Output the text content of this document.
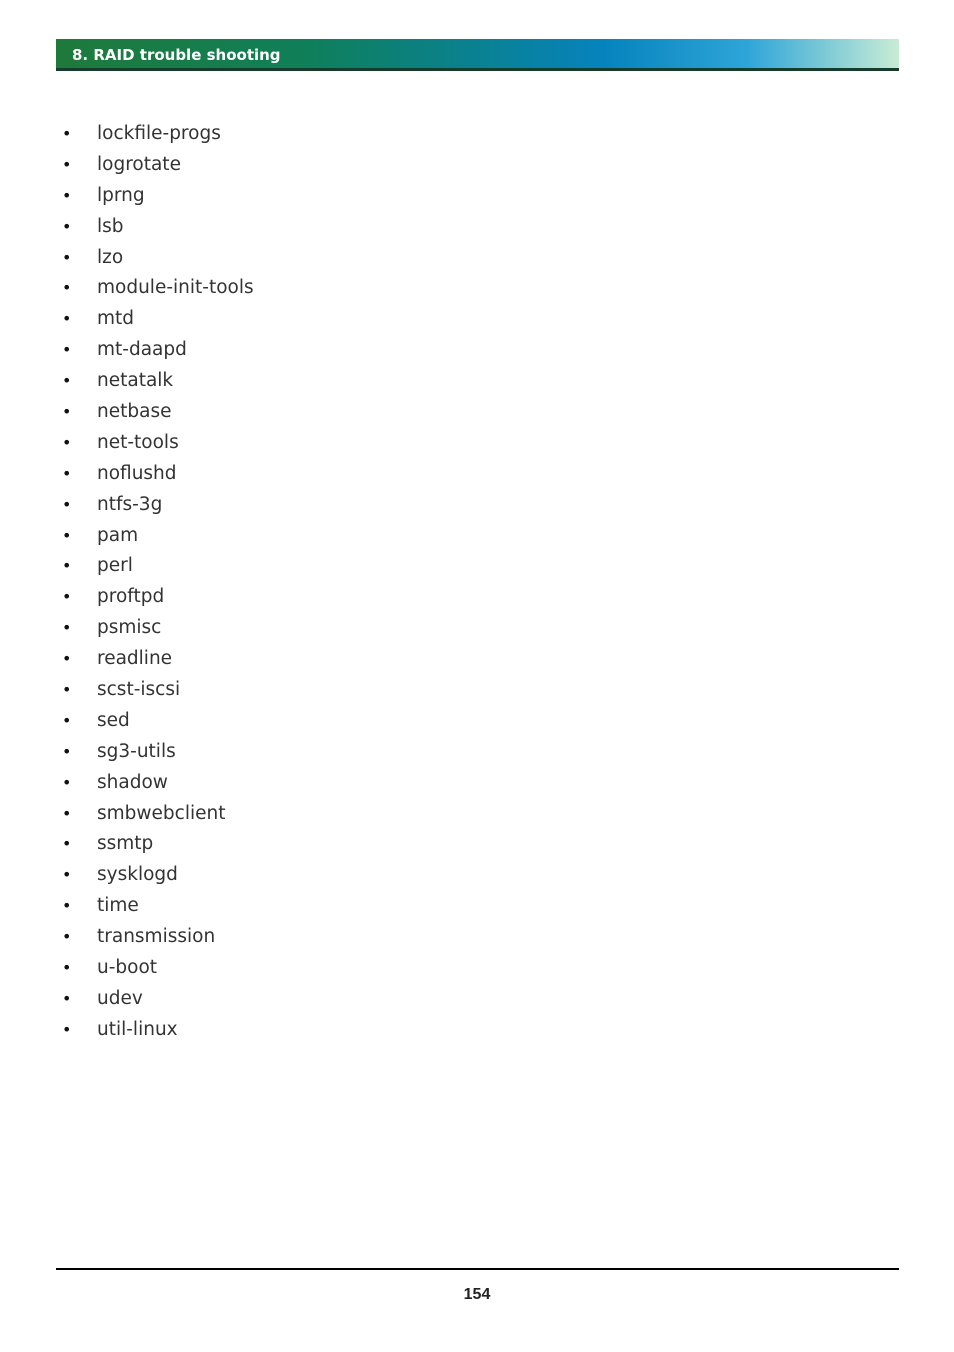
8. RAID trouble shooting
• lockfile-progs
• logrotate
• lprng
• lsb
• lzo
• module-init-tools
• mtd
• mt-daapd
• netatalk
• netbase
• net-tools
• noflushd
• ntfs-3g
• pam
• perl
• proftpd
• psmisc
• readline
• scst-iscsi
• sed
• sg3-utils
• shadow
• smbwebclient
• ssmtp
• sysklogd
• time
• transmission
• u-boot
• udev
• util-linux
154
